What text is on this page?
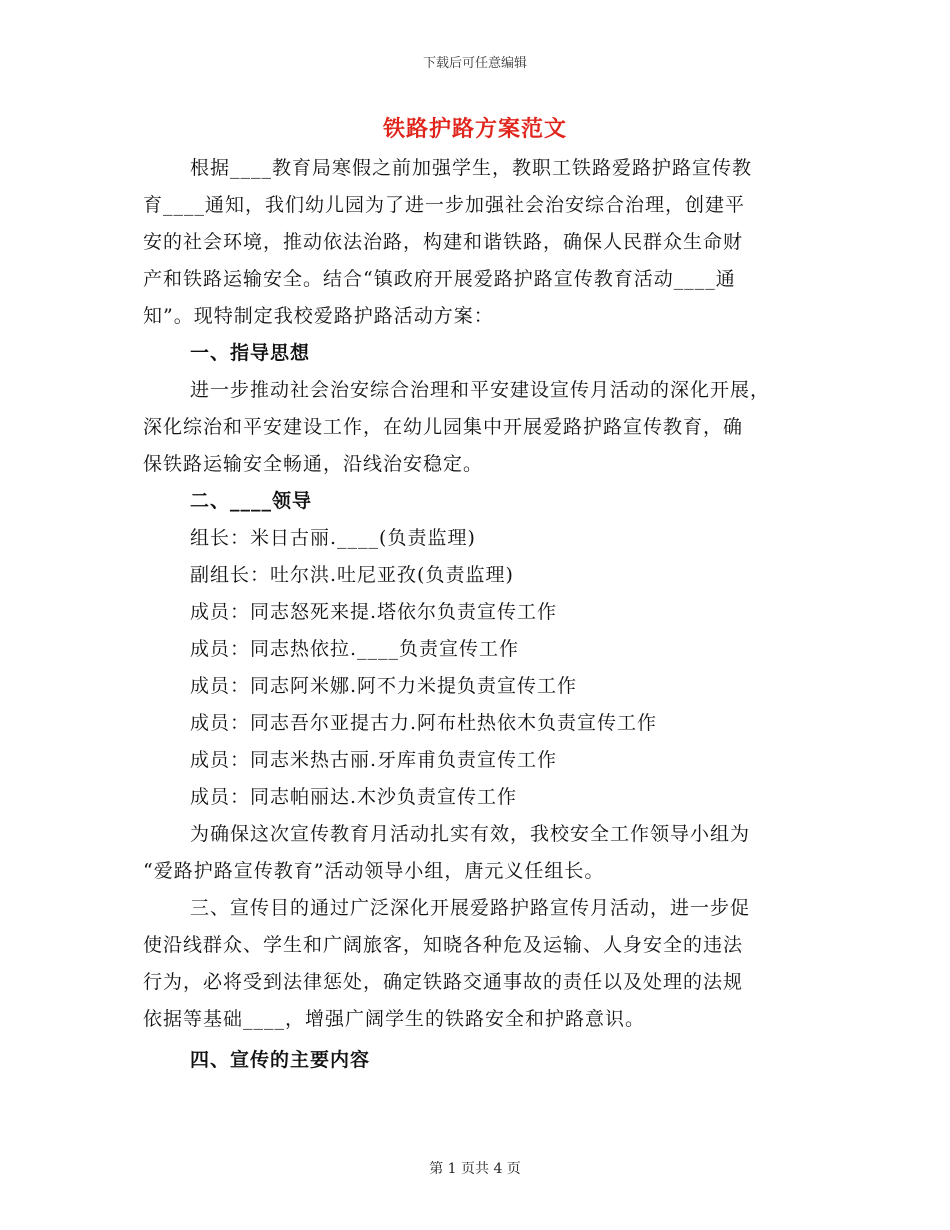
下载后可任意编辑
铁路护路方案范文
根据____教育局寒假之前加强学生，教职工铁路爱路护路宣传教
育____通知，我们幼儿园为了进一步加强社会治安综合治理，创建平
安的社会环境，推动依法治路，构建和谐铁路，确保人民群众生命财
产和铁路运输安全。结合“镇政府开展爱路护路宣传教育活动____通
知”。现特制定我校爱路护路活动方案：
一、指导思想
进一步推动社会治安综合治理和平安建设宣传月活动的深化开展，
深化综治和平安建设工作，在幼儿园集中开展爱路护路宣传教育，确
保铁路运输安全畅通，沿线治安稳定。
二、____领导
组长：米日古丽.____(负责监理)
副组长：吐尔洪.吐尼亚孜(负责监理)
成员：同志怒死来提.塔依尔负责宣传工作
成员：同志热依拉.____负责宣传工作
成员：同志阿米娜.阿不力米提负责宣传工作
成员：同志吾尔亚提古力.阿布杜热依木负责宣传工作
成员：同志米热古丽.牙库甫负责宣传工作
成员：同志帕丽达.木沙负责宣传工作
为确保这次宣传教育月活动扎实有效，我校安全工作领导小组为
“爱路护路宣传教育”活动领导小组，唐元义任组长。
三、宣传目的通过广泛深化开展爱路护路宣传月活动，进一步促
使沿线群众、学生和广阔旅客，知晓各种危及运输、人身安全的违法
行为，必将受到法律惩处，确定铁路交通事故的责任以及处理的法规
依据等基础____，增强广阔学生的铁路安全和护路意识。
四、宣传的主要内容
第 1 页共 4 页
